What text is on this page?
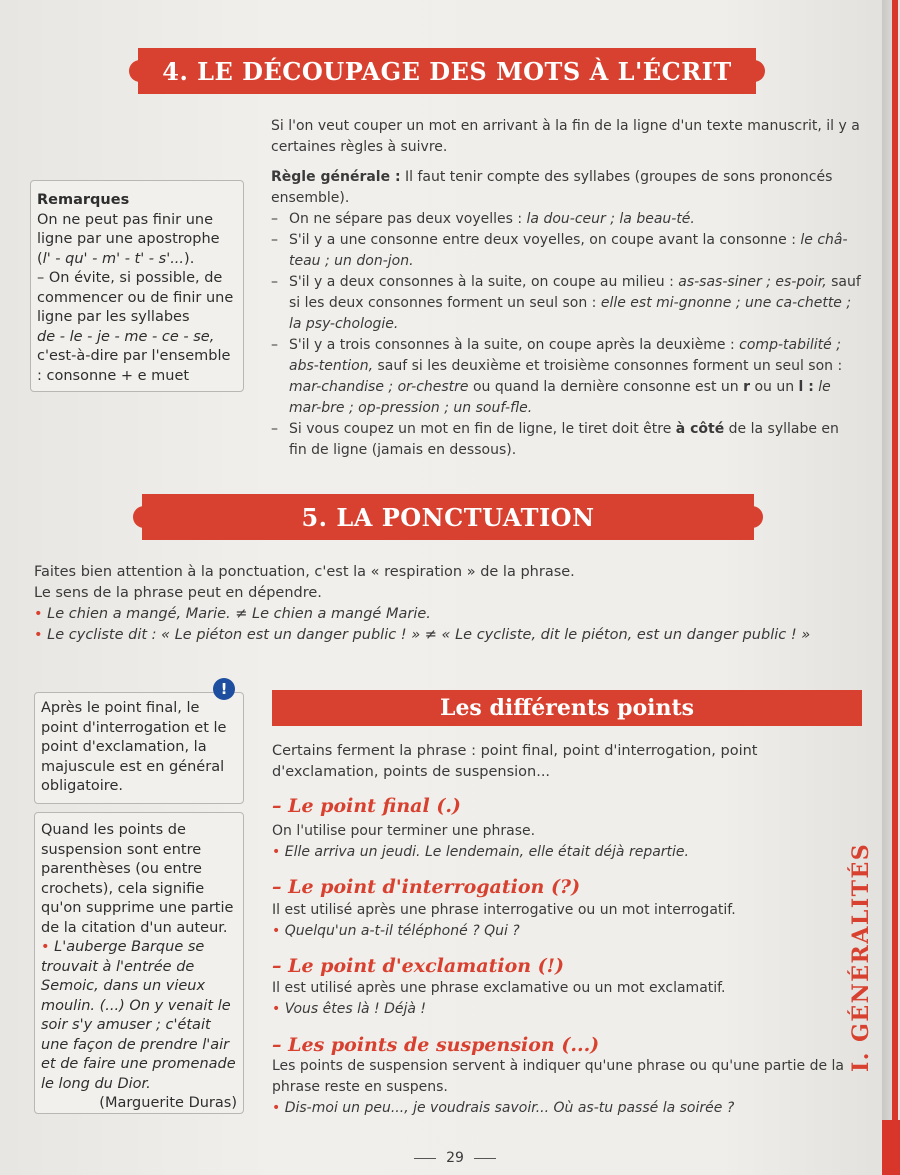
4. LE DÉCOUPAGE DES MOTS À L'ÉCRIT
Si l'on veut couper un mot en arrivant à la fin de la ligne d'un texte manuscrit, il y a certaines règles à suivre.
Règle générale : Il faut tenir compte des syllabes (groupes de sons prononcés ensemble).
– On ne sépare pas deux voyelles : la dou-ceur ; la beau-té.
– S'il y a une consonne entre deux voyelles, on coupe avant la consonne : le châ-teau ; un don-jon.
– S'il y a deux consonnes à la suite, on coupe au milieu : as-sas-siner ; es-poir, sauf si les deux consonnes forment un seul son : elle est mi-gnonne ; une ca-chette ; la psy-chologie.
– S'il y a trois consonnes à la suite, on coupe après la deuxième : comp-tabilité ; abs-tention, sauf si les deuxième et troisième consonnes forment un seul son : mar-chandise ; or-chestre ou quand la dernière consonne est un r ou un l : le mar-bre ; op-pression ; un souf-fle.
– Si vous coupez un mot en fin de ligne, le tiret doit être à côté de la syllabe en fin de ligne (jamais en dessous).
Remarques
On ne peut pas finir une ligne par une apostrophe (l' - qu' - m' - t' - s'...).
– On évite, si possible, de commencer ou de finir une ligne par les syllabes
de - le - je - me - ce - se,
c'est-à-dire par l'ensemble : consonne + e muet
5. LA PONCTUATION
Faites bien attention à la ponctuation, c'est la « respiration » de la phrase.
Le sens de la phrase peut en dépendre.
• Le chien a mangé, Marie. ≠ Le chien a mangé Marie.
• Le cycliste dit : « Le piéton est un danger public ! » ≠ « Le cycliste, dit le piéton, est un danger public ! »
Après le point final, le point d'interrogation et le point d'exclamation, la majuscule est en général obligatoire.
!
Quand les points de suspension sont entre parenthèses (ou entre crochets), cela signifie qu'on supprime une partie de la citation d'un auteur.
• L'auberge Barque se trouvait à l'entrée de Semoic, dans un vieux moulin. (...) On y venait le soir s'y amuser ; c'était une façon de prendre l'air et de faire une promenade le long du Dior.
(Marguerite Duras)
Les différents points
Certains ferment la phrase : point final, point d'interrogation, point d'exclamation, points de suspension...
– Le point final (.)
On l'utilise pour terminer une phrase.
• Elle arriva un jeudi. Le lendemain, elle était déjà repartie.
– Le point d'interrogation (?)
Il est utilisé après une phrase interrogative ou un mot interrogatif.
• Quelqu'un a-t-il téléphoné ? Qui ?
– Le point d'exclamation (!)
Il est utilisé après une phrase exclamative ou un mot exclamatif.
• Vous êtes là ! Déjà !
– Les points de suspension (...)
Les points de suspension servent à indiquer qu'une phrase ou qu'une partie de la phrase reste en suspens.
• Dis-moi un peu..., je voudrais savoir... Où as-tu passé la soirée ?
I. GÉNÉRALITÉS
29
